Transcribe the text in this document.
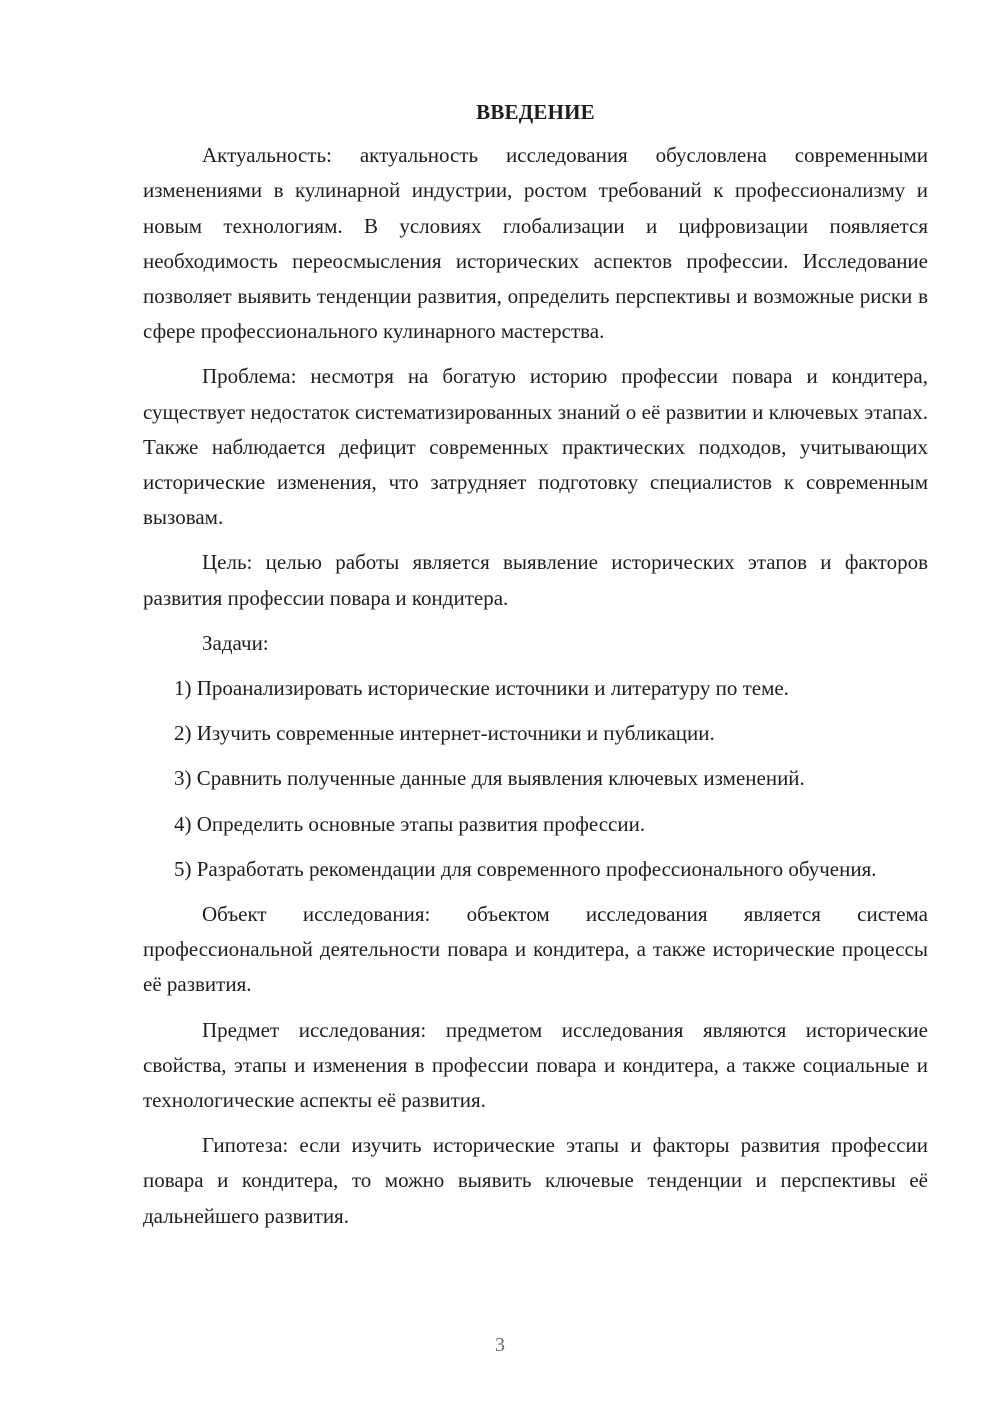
ВВЕДЕНИЕ

Актуальность: актуальность исследования обусловлена современными изменениями в кулинарной индустрии, ростом требований к профессионализму и новым технологиям. В условиях глобализации и цифровизации появляется необходимость переосмысления исторических аспектов профессии. Исследование позволяет выявить тенденции развития, определить перспективы и возможные риски в сфере профессионального кулинарного мастерства.

Проблема: несмотря на богатую историю профессии повара и кондитера, существует недостаток систематизированных знаний о её развитии и ключевых этапах. Также наблюдается дефицит современных практических подходов, учитывающих исторические изменения, что затрудняет подготовку специалистов к современным вызовам.

Цель: целью работы является выявление исторических этапов и факторов развития профессии повара и кондитера.

Задачи:

1) Проанализировать исторические источники и литературу по теме.

2) Изучить современные интернет-источники и публикации.

3) Сравнить полученные данные для выявления ключевых изменений.

4) Определить основные этапы развития профессии.

5) Разработать рекомендации для современного профессионального обучения.

Объект исследования: объектом исследования является система профессиональной деятельности повара и кондитера, а также исторические процессы её развития.

Предмет исследования: предметом исследования являются исторические свойства, этапы и изменения в профессии повара и кондитера, а также социальные и технологические аспекты её развития.

Гипотеза: если изучить исторические этапы и факторы развития профессии повара и кондитера, то можно выявить ключевые тенденции и перспективы её дальнейшего развития.

3
